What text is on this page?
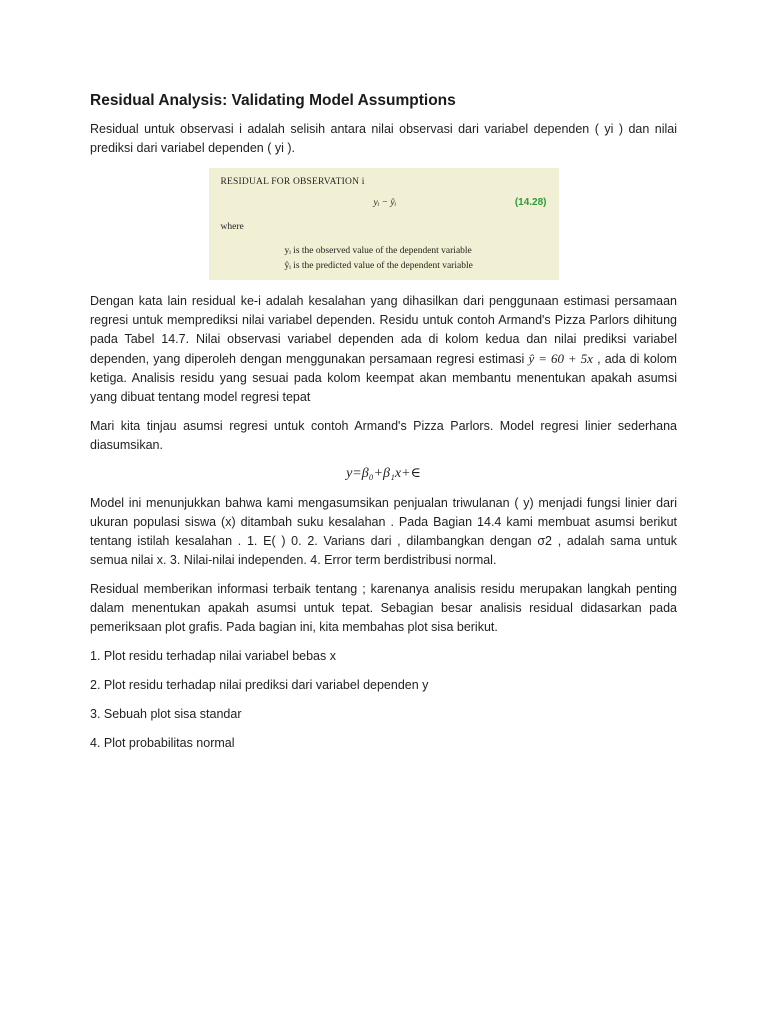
Residual Analysis: Validating Model Assumptions

Residual untuk observasi i adalah selisih antara nilai observasi dari variabel dependen ( yi ) dan nilai prediksi dari variabel dependen ( yi ).

RESIDUAL FOR OBSERVATION i
yᵢ − ŷᵢ	(14.28)
where
yᵢ is the observed value of the dependent variable
ŷᵢ is the predicted value of the dependent variable

Dengan kata lain residual ke-i adalah kesalahan yang dihasilkan dari penggunaan estimasi persamaan regresi untuk memprediksi nilai variabel dependen. Residu untuk contoh Armand's Pizza Parlors dihitung pada Tabel 14.7. Nilai observasi variabel dependen ada di kolom kedua dan nilai prediksi variabel dependen, yang diperoleh dengan menggunakan persamaan regresi estimasi ŷ = 60 + 5x , ada di kolom ketiga. Analisis residu yang sesuai pada kolom keempat akan membantu menentukan apakah asumsi yang dibuat tentang model regresi tepat

Mari kita tinjau asumsi regresi untuk contoh Armand's Pizza Parlors. Model regresi linier sederhana diasumsikan.

y=β₀+β₁x+∈

Model ini menunjukkan bahwa kami mengasumsikan penjualan triwulanan ( y) menjadi fungsi linier dari ukuran populasi siswa (x) ditambah suku kesalahan . Pada Bagian 14.4 kami membuat asumsi berikut tentang istilah kesalahan . 1. E( ) 0. 2. Varians dari , dilambangkan dengan σ2 , adalah sama untuk semua nilai x. 3. Nilai-nilai independen. 4. Error term berdistribusi normal.

Residual memberikan informasi terbaik tentang ; karenanya analisis residu merupakan langkah penting dalam menentukan apakah asumsi untuk tepat. Sebagian besar analisis residual didasarkan pada pemeriksaan plot grafis. Pada bagian ini, kita membahas plot sisa berikut.

1. Plot residu terhadap nilai variabel bebas x

2. Plot residu terhadap nilai prediksi dari variabel dependen y

3. Sebuah plot sisa standar

4. Plot probabilitas normal
